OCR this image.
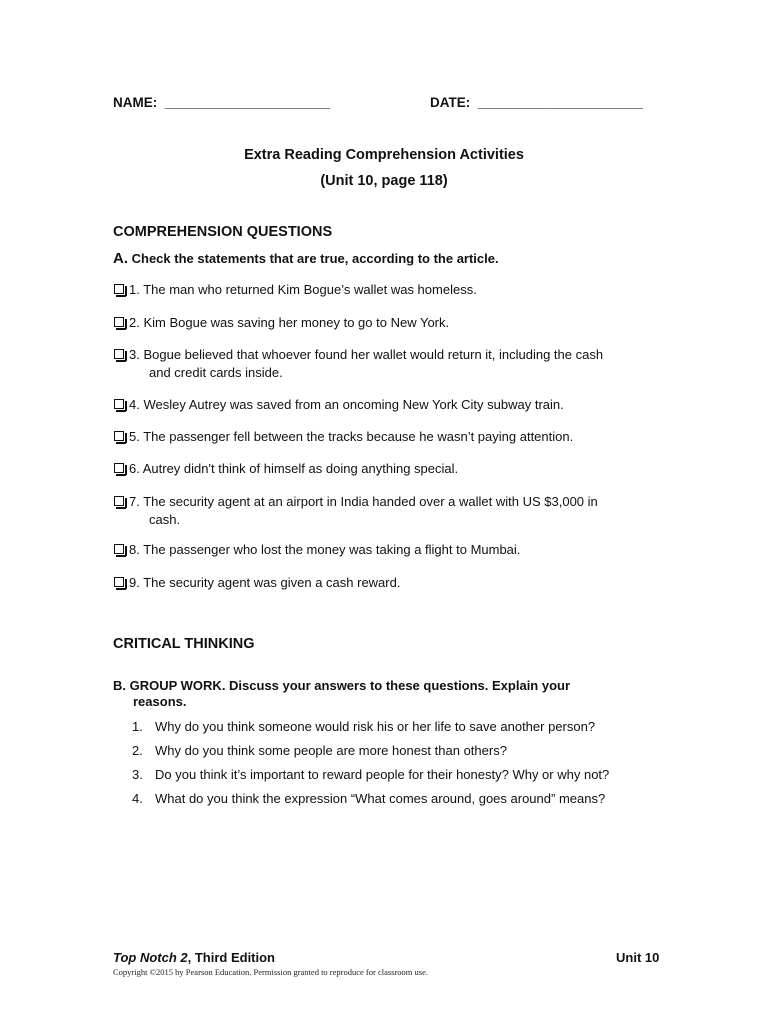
NAME:  ______________________	DATE:  ______________________
Extra Reading Comprehension Activities
(Unit 10, page 118)
COMPREHENSION QUESTIONS
A. Check the statements that are true, according to the article.
1. The man who returned Kim Bogue’s wallet was homeless.
2. Kim Bogue was saving her money to go to New York.
3. Bogue believed that whoever found her wallet would return it, including the cash
and credit cards inside.
4. Wesley Autrey was saved from an oncoming New York City subway train.
5. The passenger fell between the tracks because he wasn’t paying attention.
6. Autrey didn't think of himself as doing anything special.
7. The security agent at an airport in India handed over a wallet with US $3,000 in
cash.
8. The passenger who lost the money was taking a flight to Mumbai.
9. The security agent was given a cash reward.
CRITICAL THINKING
B. GROUP WORK. Discuss your answers to these questions. Explain your
reasons.
1. Why do you think someone would risk his or her life to save another person?
2. Why do you think some people are more honest than others?
3. Do you think it’s important to reward people for their honesty? Why or why not?
4. What do you think the expression “What comes around, goes around” means?
Top Notch 2, Third Edition	Unit 10
Copyright ©2015 by Pearson Education. Permission granted to reproduce for classroom use.
